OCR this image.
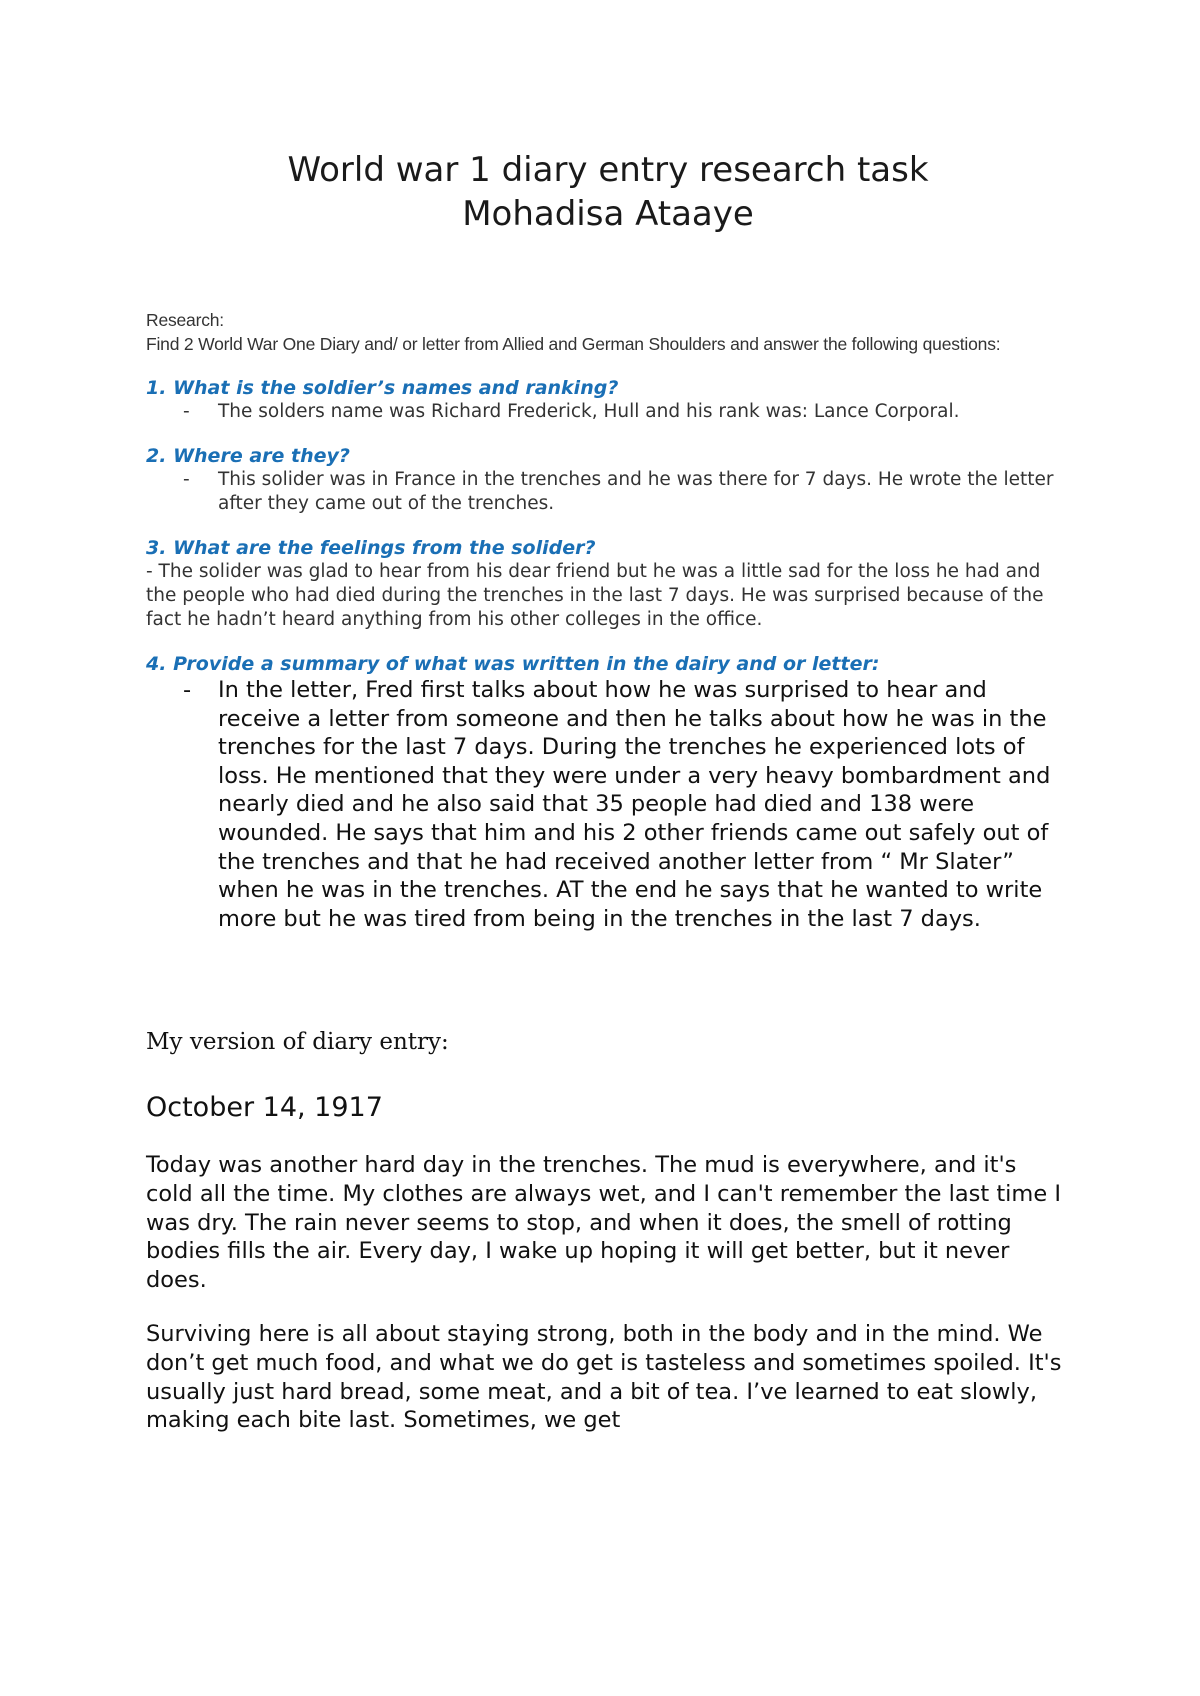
World war 1 diary entry research task
Mohadisa Ataaye
Research:
Find 2 World War One Diary and/ or letter from Allied and German Shoulders and answer the following questions:
1. What is the soldier’s names and ranking?
-	The solders name was Richard Frederick, Hull and his rank was: Lance Corporal.
2. Where are they?
-	This solider was in France in the trenches and he was there for 7 days. He wrote the letter after they came out of the trenches.
3. What are the feelings from the solider?
- The solider was glad to hear from his dear friend but he was a little sad for the loss he had and the people who had died during the trenches in the last 7 days. He was surprised because of the fact he hadn’t heard anything from his other colleges in the office.
4. Provide a summary of what was written in the dairy and or letter:
-	In the letter, Fred first talks about how he was surprised to hear and receive a letter from someone and then he talks about how he was in the trenches for the last 7 days. During the trenches he experienced lots of loss. He mentioned that they were under a very heavy bombardment and nearly died and he also said that 35 people had died and 138 were wounded. He says that him and his 2 other friends came out safely out of the trenches and that he had received another letter from “ Mr Slater” when he was in the trenches. AT the end he says that he wanted to write more but he was tired from being in the trenches in the last 7 days.
My version of diary entry:
October 14, 1917
Today was another hard day in the trenches. The mud is everywhere, and it's cold all the time. My clothes are always wet, and I can't remember the last time I was dry. The rain never seems to stop, and when it does, the smell of rotting bodies fills the air. Every day, I wake up hoping it will get better, but it never does.
Surviving here is all about staying strong, both in the body and in the mind. We don’t get much food, and what we do get is tasteless and sometimes spoiled. It's usually just hard bread, some meat, and a bit of tea. I’ve learned to eat slowly, making each bite last. Sometimes, we get
